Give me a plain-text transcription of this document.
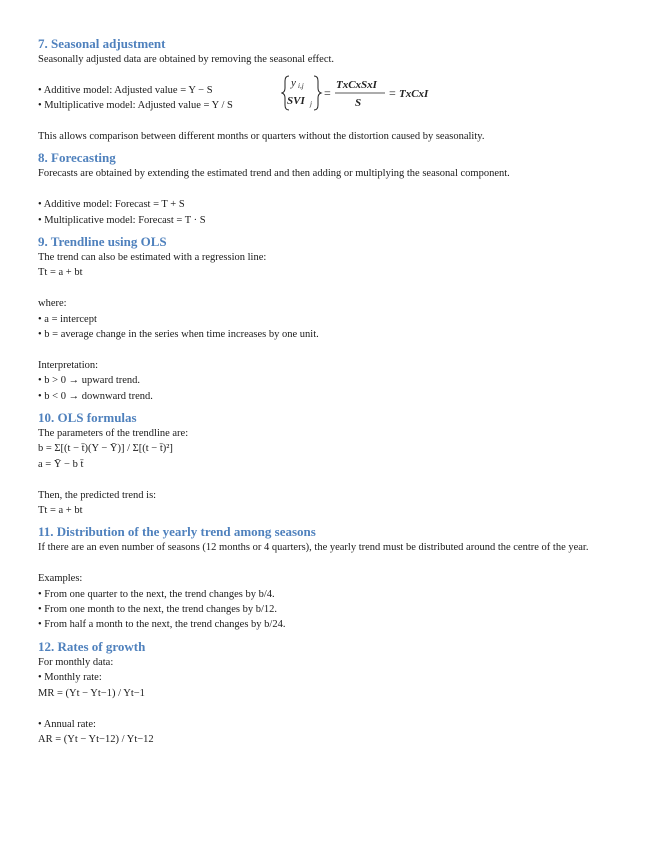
7. Seasonal adjustment

Seasonally adjusted data are obtained by removing the seasonal effect.

• Additive model: Adjusted value = Y − S

• Multiplicative model: Adjusted value = Y / S

y i,j
SVI j
=
TxCxSxI
S
= TxCxI

This allows comparison between different months or quarters without the distortion caused by seasonality.

8. Forecasting

Forecasts are obtained by extending the estimated trend and then adding or multiplying the seasonal component.

• Additive model: Forecast = T + S

• Multiplicative model: Forecast = T · S

9. Trendline using OLS

The trend can also be estimated with a regression line:

Tt = a + bt

where:

• a = intercept

• b = average change in the series when time increases by one unit.

Interpretation:

• b > 0 → upward trend.

• b < 0 → downward trend.

10. OLS formulas

The parameters of the trendline are:

b = Σ[(t − t̄)(Y − Ȳ)] / Σ[(t − t̄)²]

a = Ȳ − b t̄

Then, the predicted trend is:

Tt = a + bt

11. Distribution of the yearly trend among seasons

If there are an even number of seasons (12 months or 4 quarters), the yearly trend must be distributed around the centre of the year.

Examples:

• From one quarter to the next, the trend changes by b/4.

• From one month to the next, the trend changes by b/12.

• From half a month to the next, the trend changes by b/24.

12. Rates of growth

For monthly data:

• Monthly rate:

MR = (Yt − Yt−1) / Yt−1

• Annual rate:

AR = (Yt − Yt−12) / Yt−12
